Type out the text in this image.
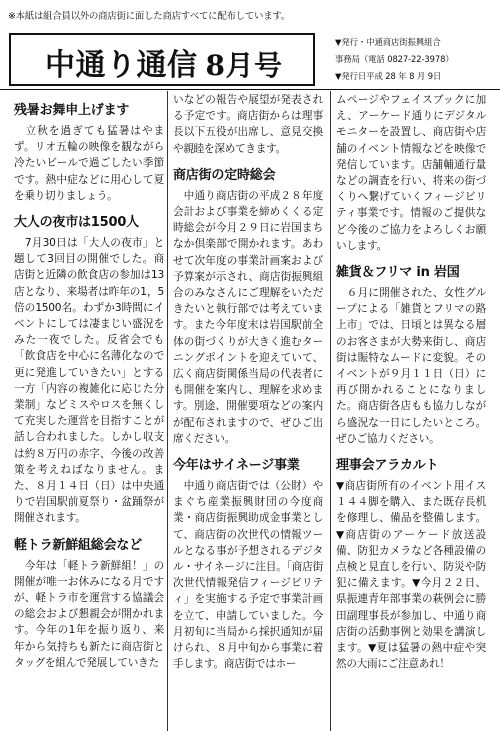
※本紙は組合員以外の商店街に面した商店すべてに配布しています。
中通り通信 8月号
▼発行・中通商店街振興組合
事務局（電話 0827-22-3978）
▼発行日平成 28 年 8 月 9日
残暑お舞申上げます
　立秋を過ぎても猛暑はやまず。リオ五輪の映像を観ながら冷たいビールで過ごしたい季節です。熱中症などに用心して夏を乗り切りましょう。
大人の夜市は1500人
　7月30日は「大人の夜市」と題して3回目の開催でした。商店街と近隣の飲食店の参加は13店となり、来場者は昨年の1，5倍の1500名。わずか3時間にイベントにしては凄まじい盛況をみた一夜でした。反省会でも「飲食店を中心に名薄化なので更に発進していきたい」とする一方「内容の複雑化に応じた分業制」などミスやロスを無くして充実した運営を目指すことが話し合われました。しかし収支は約８万円の赤字、今後の改善策を考えねばなりません。また、８月１４日（日）は中央通りで岩国駅前夏祭り・盆踊祭が開催されます。
軽トラ新鮮組総会など
　今年は「軽トラ新鮮組！」の開催が唯一お休みになる月ですが、軽トラ市を運営する協議会の総会および懇親会が開かれます。今年の1年を振り返り、来年から気持ちも新たに商店街とタッグを組んで発展していきた
いなどの報告や展望が発表される予定です。商店街からは理事長以下五役が出席し、意見交換や親睦を深めてきます。
商店街の定時総会
　中通り商店街の平成２８年度会計および事業を締めくくる定時総会が今月２９日に岩国まちなか倶楽部で開かれます。あわせて次年度の事業計画案および予算案が示され、商店街振興組合のみなさんにご理解をいただきたいと執行部では考えています。また今年度末は岩国駅前全体の街づくりが大きく進むターニングポイントを迎えていて、広く商店街関係当局の代表者にも開催を案内し、理解を求めます。別途、開催要項などの案内が配布されますので、ぜひご出席ください。
今年はサイネージ事業
　中通り商店街では（公財）やまぐち産業振興財団の今度商業・商店街振興助成金事業として、商店街の次世代の情報ツールとなる事が予想されるデジタル・サイネージに注目。「商店街次世代情報発信フィージビリティ」を実施する予定で事業計画を立て、申請していました。今月初旬に当局から採択通知が届けられ、８月中旬から事業に着手します。商店街ではホー
ムページやフェイスブックに加え、アーケード通りにデジタルモニターを設置し、商店街や店舗のイベント情報などを映像で発信しています。店舗輔通行量などの調査を行い、将来の街づくりへ繋げていくフィージビリティ事業です。情報のご提供など今後のご協力をよろしくお願いします。
雑貨＆フリマ in 岩国
　６月に開催された、女性グループによる「雑貨とフリマの路上市」では、日頃とは異なる層のお客さまが大勢来街し、商店街は賑特なムードに変貌。そのイベントが９月１１日（日）に再び開かれることになりました。商店街各店もも協力しながら盛況な一日にしたいところ。ぜひご協力ください。
理事会アラカルト
▼商店街所有のイベント用イス１４４脚を購入、また既存長机を修理し、備品を整備します。▼商店街のアーケード放送設備、防犯カメラなど各種設備の点検と見直しを行い、防災や防犯に備えます。▼今月２２日、県振連青年部事業の萩例会に勝田副理事長が参加し、中通り商店街の活動事例と効果を講演します。▼夏は猛暑の熱中症や突然の大雨にご注意あれ！
